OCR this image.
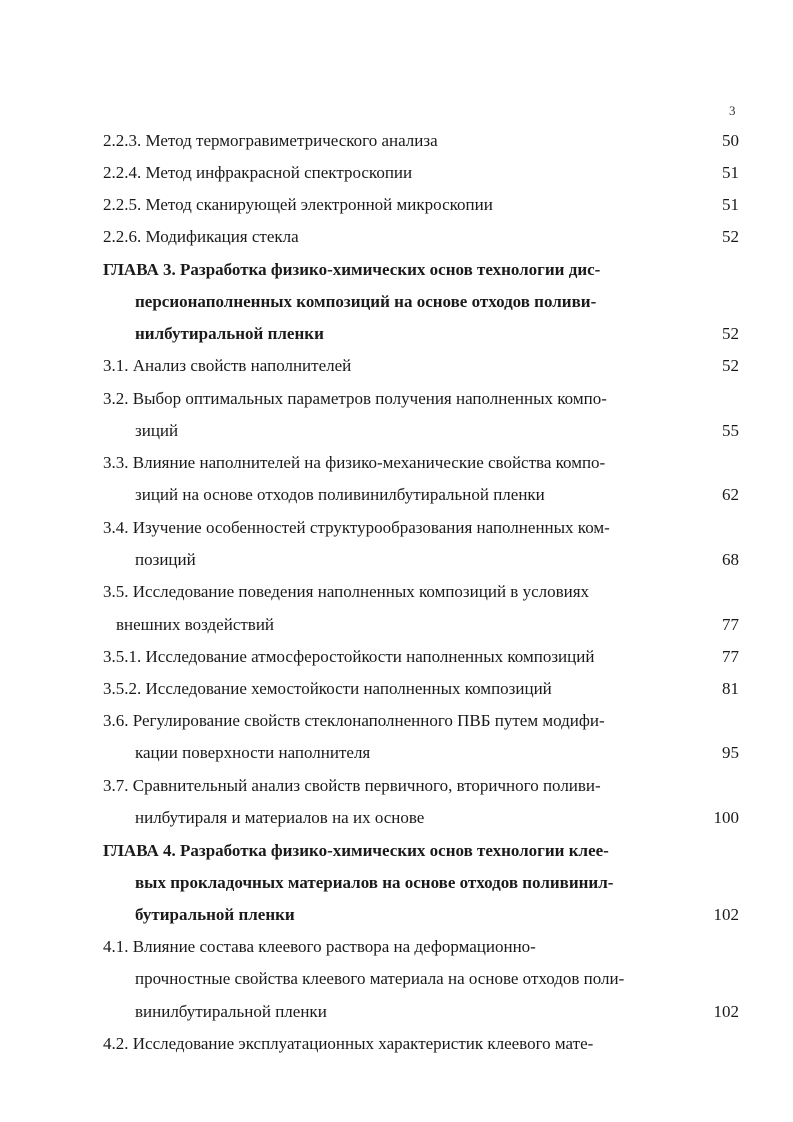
3
2.2.3. Метод термогравиметрического анализа	50
2.2.4. Метод инфракрасной спектроскопии	51
2.2.5. Метод сканирующей электронной микроскопии	51
2.2.6. Модификация стекла	52
ГЛАВА 3. Разработка физико-химических основ технологии дис-
персионаполненных композиций на основе отходов поливи-
нилбутиральной пленки	52
3.1. Анализ свойств наполнителей	52
3.2. Выбор оптимальных параметров получения наполненных компо-
зиций	55
3.3. Влияние наполнителей на физико-механические свойства компо-
зиций на основе отходов поливинилбутиральной пленки	62
3.4. Изучение особенностей структурообразования наполненных ком-
позиций	68
3.5. Исследование поведения наполненных композиций в условиях
внешних воздействий	77
3.5.1. Исследование атмосферостойкости наполненных композиций	77
3.5.2. Исследование хемостойкости наполненных композиций	81
3.6. Регулирование свойств стеклонаполненного ПВБ путем модифи-
кации поверхности наполнителя	95
3.7. Сравнительный анализ свойств первичного, вторичного поливи-
нилбутираля и материалов на их основе	100
ГЛАВА 4. Разработка физико-химических основ технологии клее-
вых прокладочных материалов на основе отходов поливинил-
бутиральной пленки	102
4.1. Влияние состава клеевого раствора на деформационно-
прочностные свойства клеевого материала на основе отходов поли-
винилбутиральной пленки	102
4.2. Исследование эксплуатационных характеристик клеевого мате-
